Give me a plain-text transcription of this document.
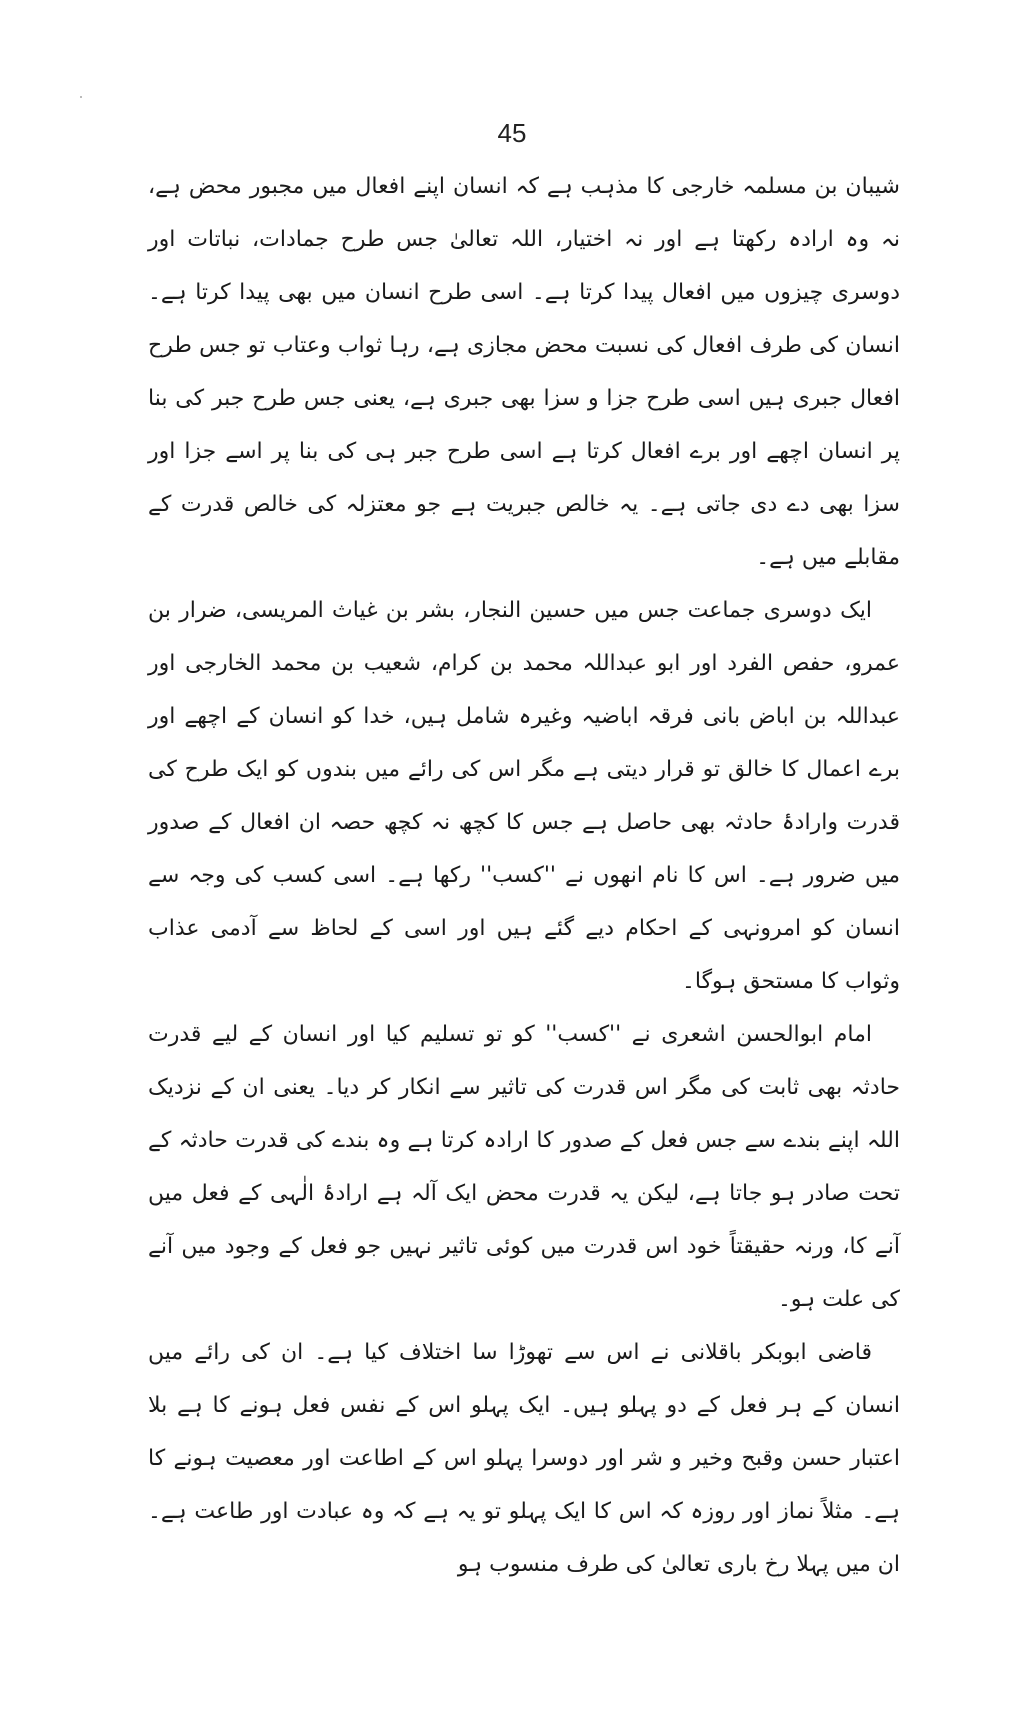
45

شیبان بن مسلمہ خارجی کا مذہب ہے کہ انسان اپنے افعال میں مجبور محض ہے، نہ وہ ارادہ رکھتا ہے اور نہ اختیار، اللہ تعالیٰ جس طرح جمادات، نباتات اور دوسری چیزوں میں افعال پیدا کرتا ہے۔ اسی طرح انسان میں بھی پیدا کرتا ہے۔ انسان کی طرف افعال کی نسبت محض مجازی ہے، رہا ثواب وعتاب تو جس طرح افعال جبری ہیں اسی طرح جزا و سزا بھی جبری ہے، یعنی جس طرح جبر کی بنا پر انسان اچھے اور برے افعال کرتا ہے اسی طرح جبر ہی کی بنا پر اسے جزا اور سزا بھی دے دی جاتی ہے۔ یہ خالص جبریت ہے جو معتزلہ کی خالص قدرت کے مقابلے میں ہے۔

ایک دوسری جماعت جس میں حسین النجار، بشر بن غیاث المریسی، ضرار بن عمرو، حفص الفرد اور ابو عبداللہ محمد بن کرام، شعیب بن محمد الخارجی اور عبداللہ بن اباض بانی فرقہ اباضیہ وغیرہ شامل ہیں، خدا کو انسان کے اچھے اور برے اعمال کا خالق تو قرار دیتی ہے مگر اس کی رائے میں بندوں کو ایک طرح کی قدرت وارادۂ حادثہ بھی حاصل ہے جس کا کچھ نہ کچھ حصہ ان افعال کے صدور میں ضرور ہے۔ اس کا نام انھوں نے ''کسب'' رکھا ہے۔ اسی کسب کی وجہ سے انسان کو امرونہی کے احکام دیے گئے ہیں اور اسی کے لحاظ سے آدمی عذاب وثواب کا مستحق ہوگا۔

امام ابوالحسن اشعری نے ''کسب'' کو تو تسلیم کیا اور انسان کے لیے قدرت حادثہ بھی ثابت کی مگر اس قدرت کی تاثیر سے انکار کر دیا۔ یعنی ان کے نزدیک اللہ اپنے بندے سے جس فعل کے صدور کا ارادہ کرتا ہے وہ بندے کی قدرت حادثہ کے تحت صادر ہو جاتا ہے، لیکن یہ قدرت محض ایک آلہ ہے ارادۂ الٰہی کے فعل میں آنے کا، ورنہ حقیقتاً خود اس قدرت میں کوئی تاثیر نہیں جو فعل کے وجود میں آنے کی علت ہو۔

قاضی ابوبکر باقلانی نے اس سے تھوڑا سا اختلاف کیا ہے۔ ان کی رائے میں انسان کے ہر فعل کے دو پہلو ہیں۔ ایک پہلو اس کے نفس فعل ہونے کا ہے بلا اعتبار حسن وقبح وخیر و شر اور دوسرا پہلو اس کے اطاعت اور معصیت ہونے کا ہے۔ مثلاً نماز اور روزہ کہ اس کا ایک پہلو تو یہ ہے کہ وہ عبادت اور طاعت ہے۔ ان میں پہلا رخ باری تعالیٰ کی طرف منسوب ہو
